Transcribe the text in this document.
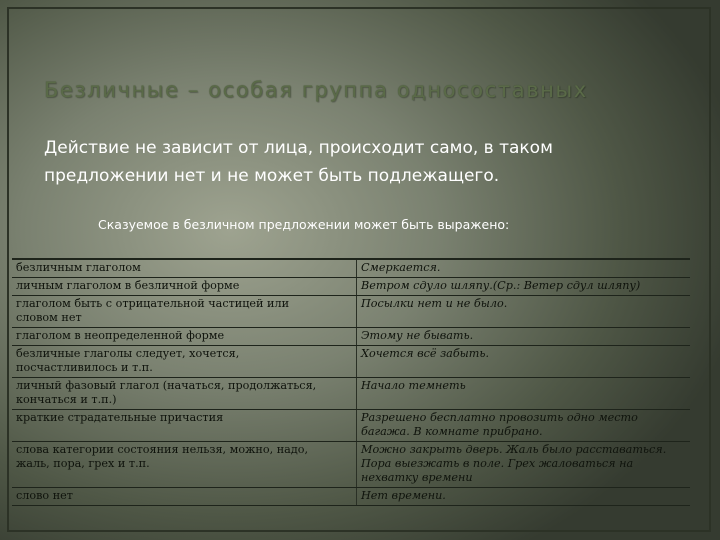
Безличные – особая группа односоставных
Действие не зависит от лица, происходит само, в таком
предложении нет и не может быть подлежащего.
Сказуемое в безличном предложении может быть выражено:
безличным глаголом	Смеркается.

личным глаголом в безличной форме	Ветром сдуло шляпу.(Ср.: Ветер сдул шляпу)

глаголом быть с отрицательной частицей или
словом нет	Посылки нет и не было.

глаголом в неопределенной форме	Этому не бывать.

безличные глаголы следует, хочется,
посчастливилось и т.п.	Хочется всё забыть.

личный фазовый глагол (начаться, продолжаться,
кончаться и т.п.)	Начало темнеть

краткие страдательные причастия	Разрешено бесплатно провозить одно место
багажа. В комнате прибрано.

слова категории состояния нельзя, можно, надо,
жаль, пора, грех и т.п.	Можно закрыть дверь. Жаль было расставаться.
Пора выезжать в поле. Грех жаловаться на
нехватку времени

слово нет	Нет времени.
